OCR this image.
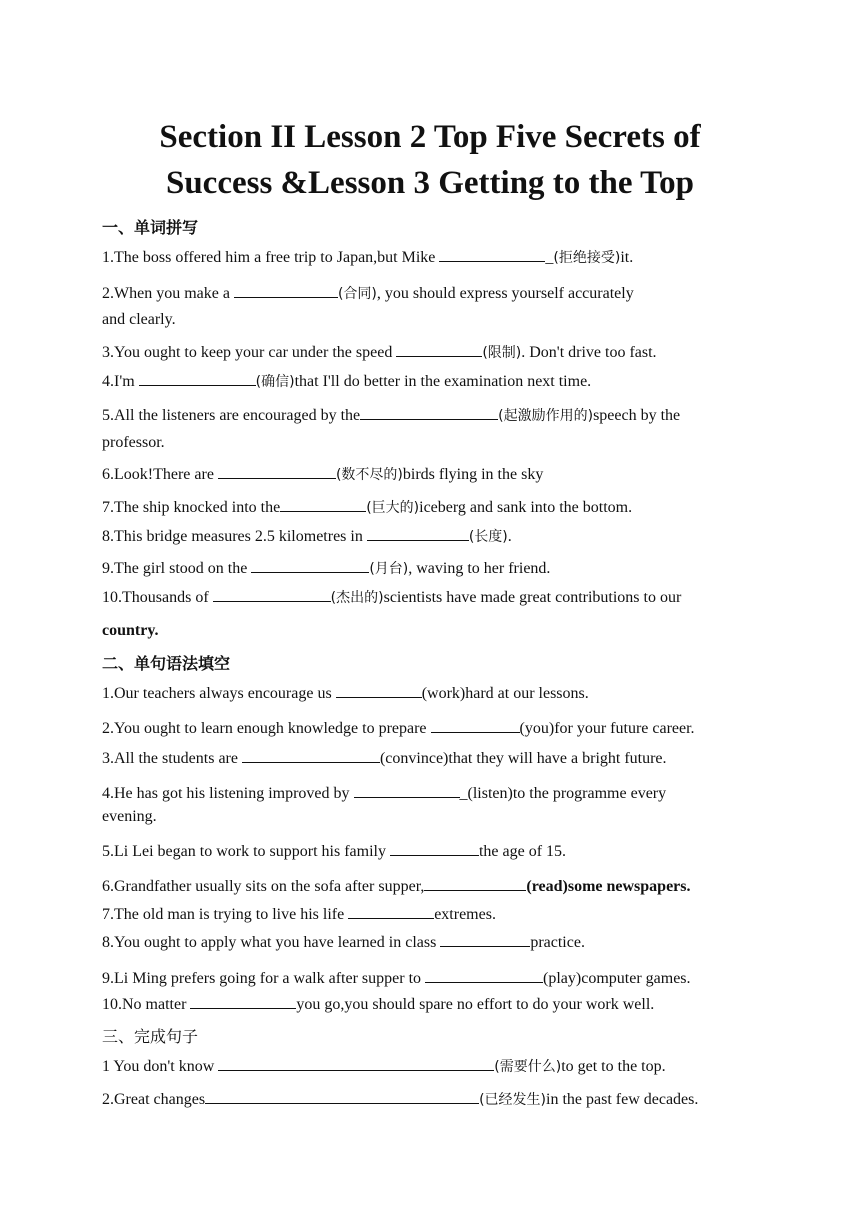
Section II Lesson 2 Top Five Secrets of
Success &Lesson 3 Getting to the Top
一、单词拼写
1.The boss offered him a free trip to Japan,but Mike	_(拒绝接受)it.
2.When you make a	(合同), you should express yourself accurately
and clearly.
3.You ought to keep your car under the speed	(限制). Don't drive too fast.
4.I'm	(确信)that I'll do better in the examination next time.
5.All the listeners are encouraged by the	(起激励作用的)speech by the
professor.
6.Look!There are	(数不尽的)birds flying in the sky
7.The ship knocked into the	(巨大的)iceberg and sank into the bottom.
8.This bridge measures 2.5 kilometres in	(长度).
9.The girl stood on the	(月台), waving to her friend.
10.Thousands of	(杰出的)scientists have made great contributions to our
country.
二、单句语法填空
1.Our teachers always encourage us	(work)hard at our lessons.
2.You ought to learn enough knowledge to prepare	(you)for your future career.
3.All the students are	(convince)that they will have a bright future.
4.He has got his listening improved by	_(listen)to the programme every
evening.
5.Li Lei began to work to support his family	the age of 15.
6.Grandfather usually sits on the sofa after supper,	(read)some newspapers.
7.The old man is trying to live his life	extremes.
8.You ought to apply what you have learned in class	practice.
9.Li Ming prefers going for a walk after supper to	(play)computer games.
10.No matter	you go,you should spare no effort to do your work well.
三、完成句子
1 You don't know	(需要什么)to get to the top.
2.Great changes	(已经发生)in the past few decades.
